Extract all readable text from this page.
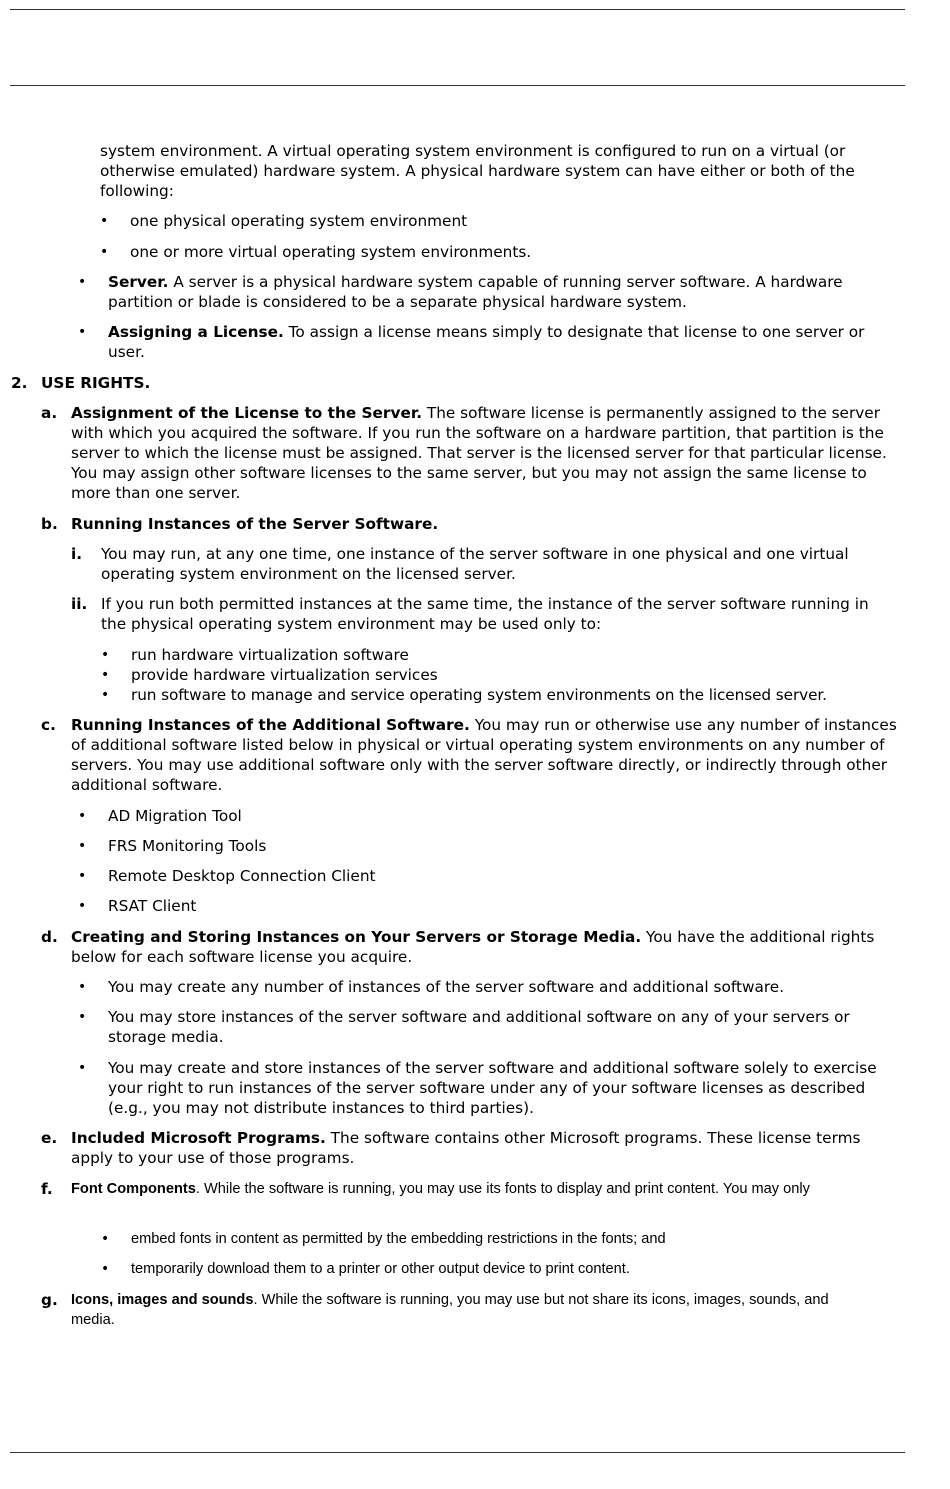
system environment. A virtual operating system environment is configured to run on a virtual (or otherwise emulated) hardware system. A physical hardware system can have either or both of the following:

• one physical operating system environment

• one or more virtual operating system environments.

• Server. A server is a physical hardware system capable of running server software. A hardware partition or blade is considered to be a separate physical hardware system.

• Assigning a License. To assign a license means simply to designate that license to one server or user.

2. USE RIGHTS.
a. Assignment of the License to the Server. The software license is permanently assigned to the server with which you acquired the software. If you run the software on a hardware partition, that partition is the server to which the license must be assigned. That server is the licensed server for that particular license. You may assign other software licenses to the same server, but you may not assign the same license to more than one server.

b. Running Instances of the Server Software.

i. You may run, at any one time, one instance of the server software in one physical and one virtual operating system environment on the licensed server.

ii. If you run both permitted instances at the same time, the instance of the server software running in the physical operating system environment may be used only to:

• run hardware virtualization software

• provide hardware virtualization services

• run software to manage and service operating system environments on the licensed server.

c. Running Instances of the Additional Software. You may run or otherwise use any number of instances of additional software listed below in physical or virtual operating system environments on any number of servers. You may use additional software only with the server software directly, or indirectly through other additional software.

• AD Migration Tool

• FRS Monitoring Tools

• Remote Desktop Connection Client

• RSAT Client

d. Creating and Storing Instances on Your Servers or Storage Media. You have the additional rights below for each software license you acquire.

• You may create any number of instances of the server software and additional software.

• You may store instances of the server software and additional software on any of your servers or storage media.

• You may create and store instances of the server software and additional software solely to exercise your right to run instances of the server software under any of your software licenses as described (e.g., you may not distribute instances to third parties).

e. Included Microsoft Programs. The software contains other Microsoft programs. These license terms apply to your use of those programs.

f. Font Components. While the software is running, you may use its fonts to display and print content. You may only

• embed fonts in content as permitted by the embedding restrictions in the fonts; and

• temporarily download them to a printer or other output device to print content.

g. Icons, images and sounds. While the software is running, you may use but not share its icons, images, sounds, and media.
